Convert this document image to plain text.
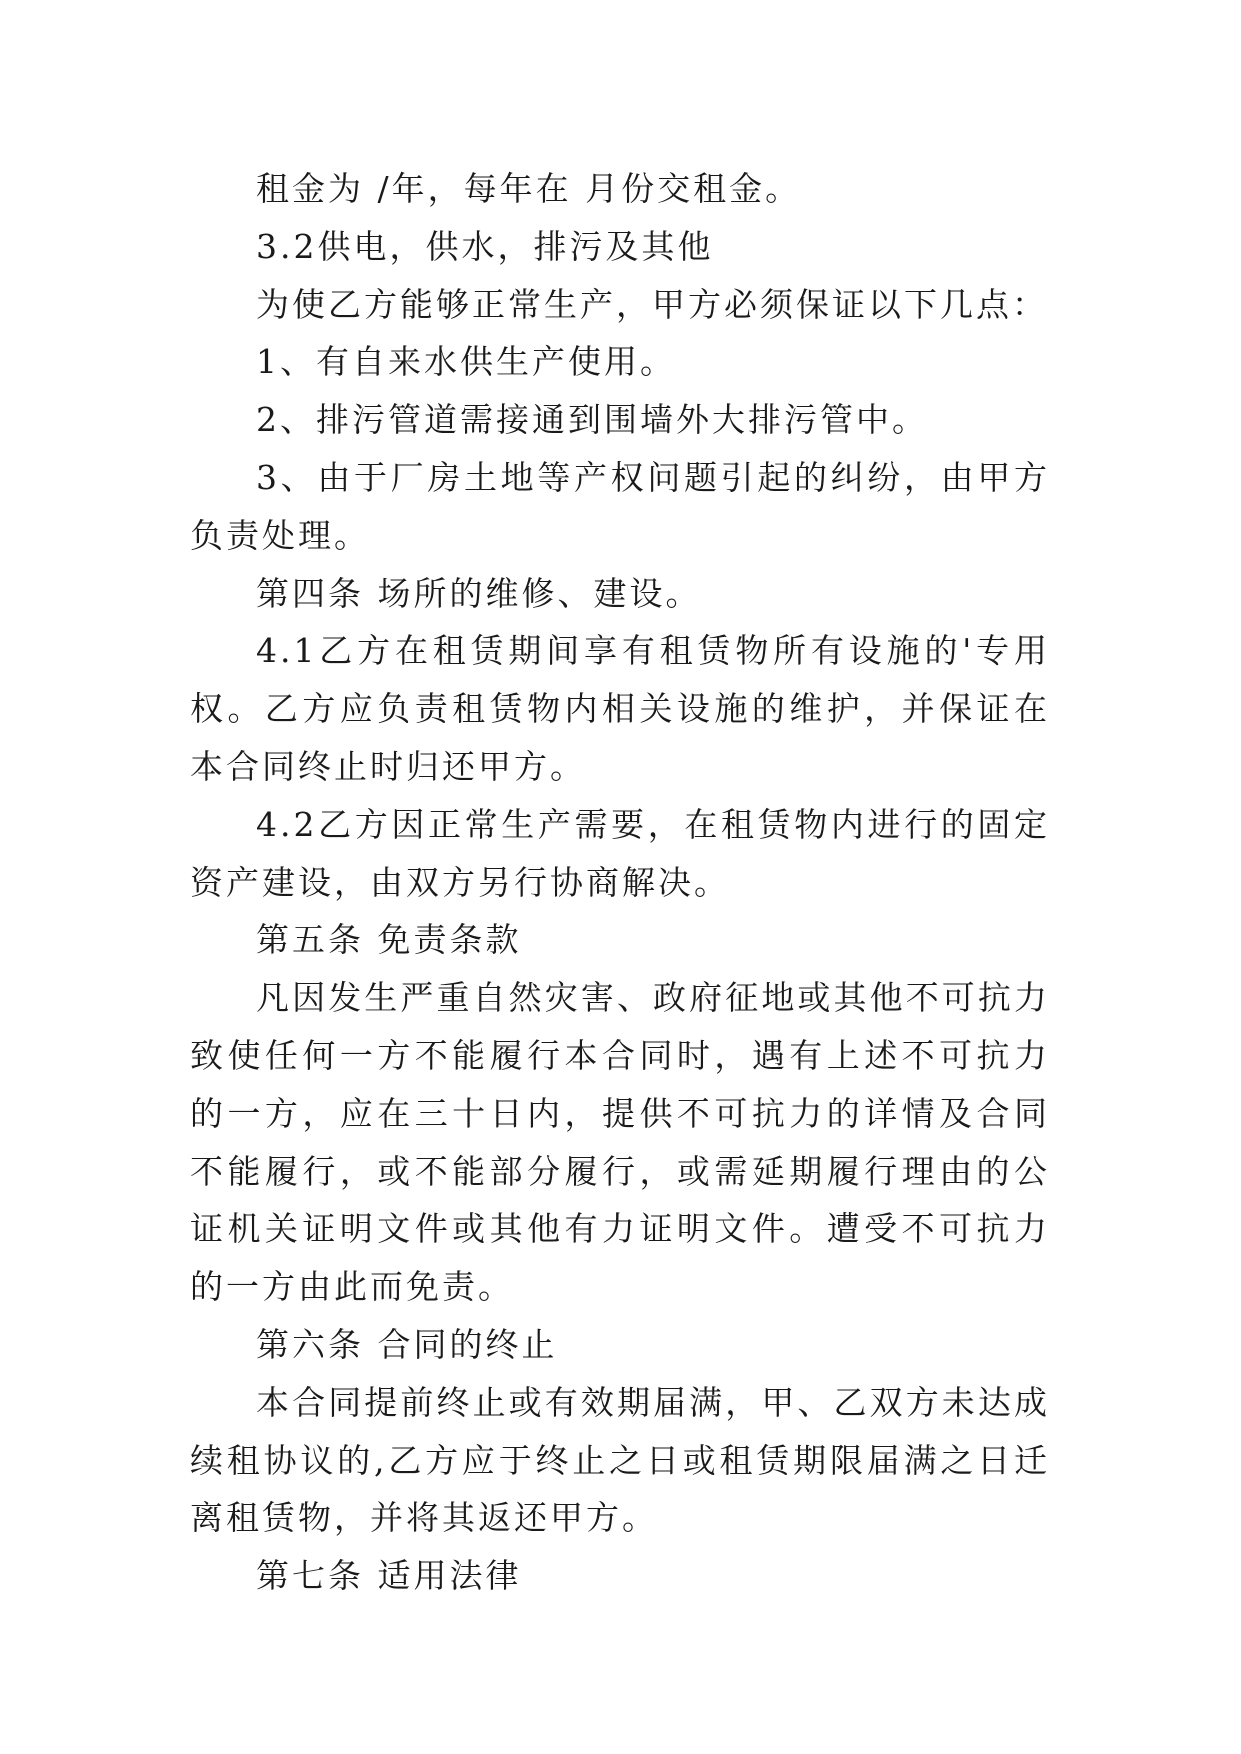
租金为 /年，每年在 月份交租金。

3.2供电，供水，排污及其他

为使乙方能够正常生产，甲方必须保证以下几点：

1、有自来水供生产使用。

2、排污管道需接通到围墙外大排污管中。

3、由于厂房土地等产权问题引起的纠纷，由甲方负责处理。

第四条 场所的维修、建设。

4.1乙方在租赁期间享有租赁物所有设施的'专用权。乙方应负责租赁物内相关设施的维护，并保证在本合同终止时归还甲方。

4.2乙方因正常生产需要，在租赁物内进行的固定资产建设，由双方另行协商解决。

第五条 免责条款

凡因发生严重自然灾害、政府征地或其他不可抗力致使任何一方不能履行本合同时，遇有上述不可抗力的一方，应在三十日内，提供不可抗力的详情及合同不能履行，或不能部分履行，或需延期履行理由的公证机关证明文件或其他有力证明文件。遭受不可抗力的一方由此而免责。

第六条 合同的终止

本合同提前终止或有效期届满，甲、乙双方未达成续租协议的,乙方应于终止之日或租赁期限届满之日迁离租赁物，并将其返还甲方。

第七条 适用法律
